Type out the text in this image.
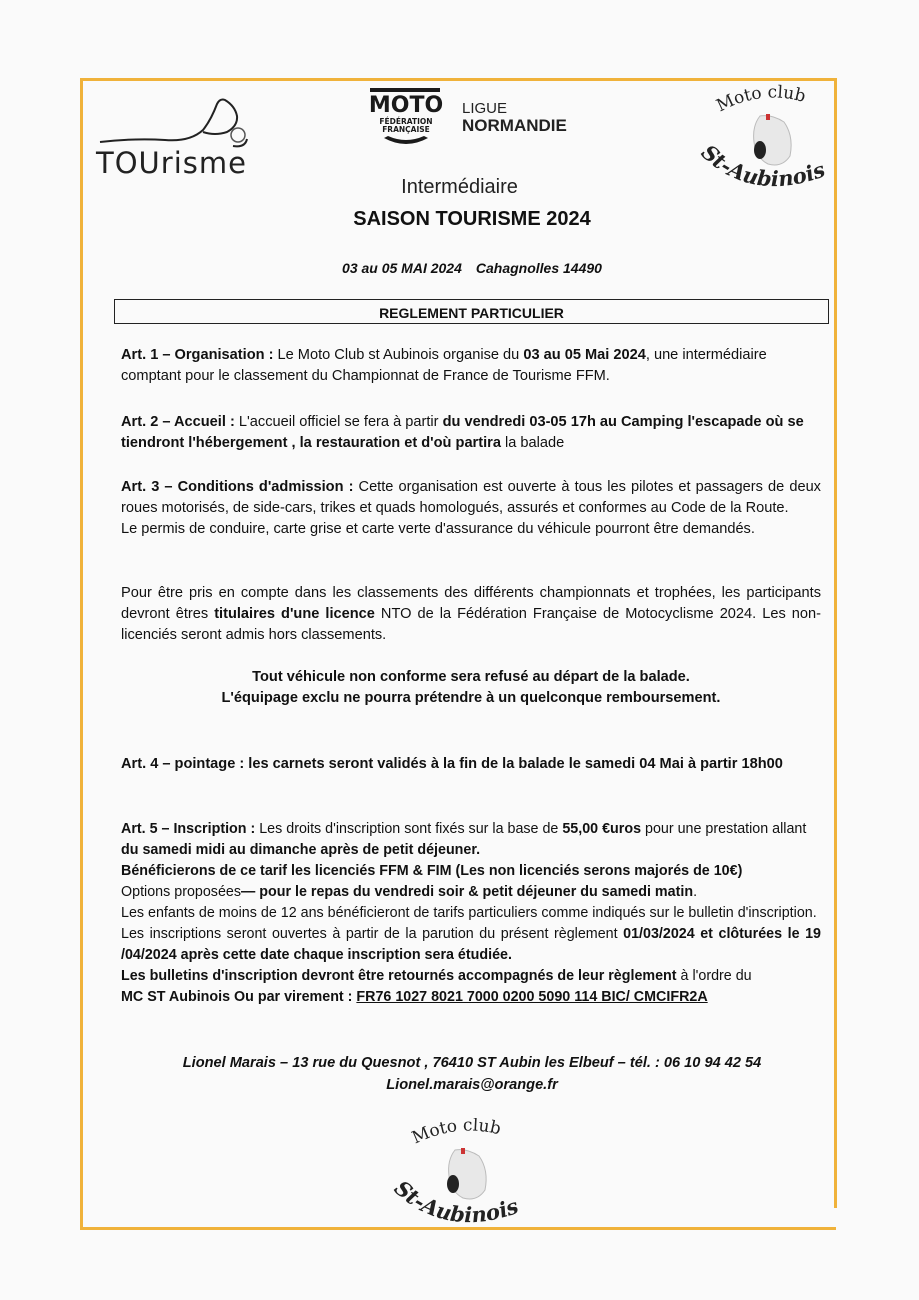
TOUrisme
MOTO
FÉDÉRATION
FRANÇAISE
LIGUE
NORMANDIE
Moto club
St-Aubinois
Intermédiaire
SAISON TOURISME 2024
03 au 05 MAI 2024 Cahagnolles 14490
REGLEMENT PARTICULIER

Art. 1 – Organisation : Le Moto Club st Aubinois organise du 03 au 05 Mai 2024, une intermédiaire comptant pour le classement du Championnat de France de Tourisme FFM.

Art. 2 – Accueil : L'accueil officiel se fera à partir du vendredi 03-05 17h au Camping l'escapade où se tiendront l'hébergement , la restauration et d'où partira la balade

Art. 3 – Conditions d'admission : Cette organisation est ouverte à tous les pilotes et passagers de deux roues motorisés, de side-cars, trikes et quads homologués, assurés et conformes au Code de la Route.

Le permis de conduire, carte grise et carte verte d'assurance du véhicule pourront être demandés.

Pour être pris en compte dans les classements des différents championnats et trophées, les participants devront êtres titulaires d'une licence NTO de la Fédération Française de Motocyclisme 2024. Les non-licenciés seront admis hors classements.

Tout véhicule non conforme sera refusé au départ de la balade.

L'équipage exclu ne pourra prétendre à un quelconque remboursement.

Art. 4 – pointage : les carnets seront validés à la fin de la balade le samedi 04 Mai à partir 18h00

Art. 5 – Inscription : Les droits d'inscription sont fixés sur la base de 55,00 €uros pour une prestation allant du samedi midi au dimanche après de petit déjeuner.

Bénéficierons de ce tarif les licenciés FFM & FIM (Les non licenciés serons majorés de 10€)

Options proposées— pour le repas du vendredi soir & petit déjeuner du samedi matin.

Les enfants de moins de 12 ans bénéficieront de tarifs particuliers comme indiqués sur le bulletin d'inscription.

Les inscriptions seront ouvertes à partir de la parution du présent règlement 01/03/2024 et clôturées le 19 /04/2024 après cette date chaque inscription sera étudiée.

Les bulletins d'inscription devront être retournés accompagnés de leur règlement à l'ordre du

MC ST Aubinois Ou par virement : FR76 1027 8021 7000 0200 5090 114 BIC/ CMCIFR2A

Lionel Marais – 13 rue du Quesnot , 76410 ST Aubin les Elbeuf – tél. : 06 10 94 42 54
Lionel.marais@orange.fr
Moto club
St-Aubinois
